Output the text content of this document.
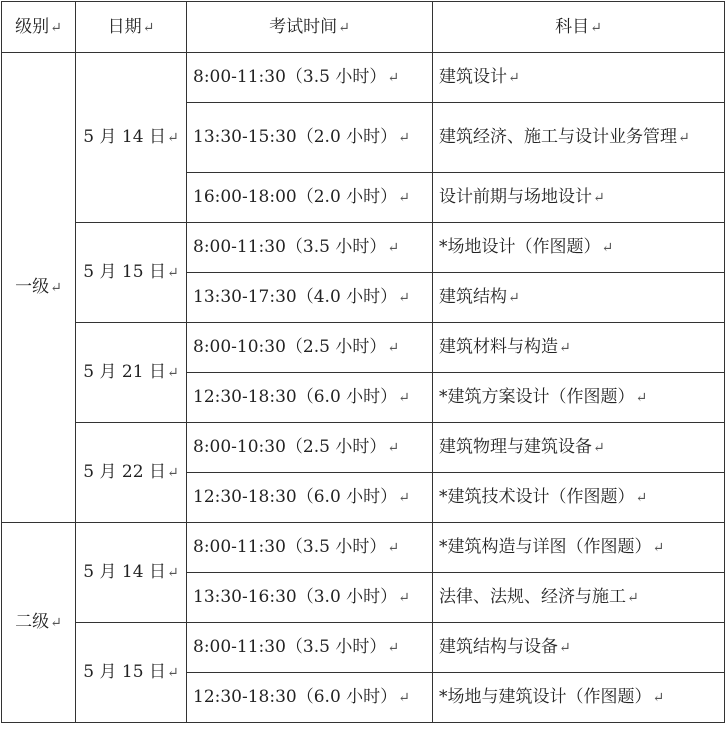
级别↵	日期↵	考试时间↵	科目↵
一级↵	5 月 14 日↵	8:00-11:30（3.5 小时）↵	建筑设计↵
		13:30-15:30（2.0 小时）↵	建筑经济、施工与设计业务管理↵
		16:00-18:00（2.0 小时）↵	设计前期与场地设计↵
	5 月 15 日↵	8:00-11:30（3.5 小时）↵	*场地设计（作图题）↵
		13:30-17:30（4.0 小时）↵	建筑结构↵
	5 月 21 日↵	8:00-10:30（2.5 小时）↵	建筑材料与构造↵
		12:30-18:30（6.0 小时）↵	*建筑方案设计（作图题）↵
	5 月 22 日↵	8:00-10:30（2.5 小时）↵	建筑物理与建筑设备↵
		12:30-18:30（6.0 小时）↵	*建筑技术设计（作图题）↵
二级↵	5 月 14 日↵	8:00-11:30（3.5 小时）↵	*建筑构造与详图（作图题）↵
		13:30-16:30（3.0 小时）↵	法律、法规、经济与施工↵
	5 月 15 日↵	8:00-11:30（3.5 小时）↵	建筑结构与设备↵
		12:30-18:30（6.0 小时）↵	*场地与建筑设计（作图题）↵
